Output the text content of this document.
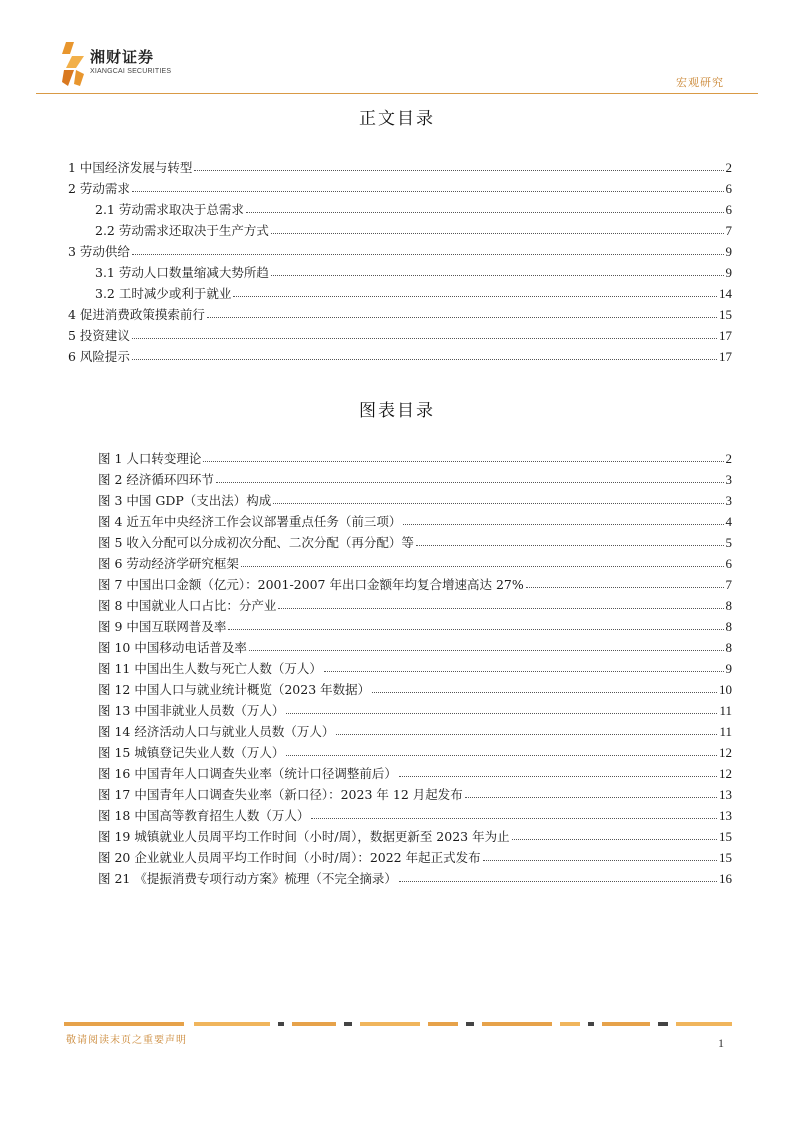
湘财证券
XIANGCAI SECURITIES
宏观研究
正文目录
1 中国经济发展与转型	2
2 劳动需求	6
2.1 劳动需求取决于总需求	6
2.2 劳动需求还取决于生产方式	7
3 劳动供给	9
3.1 劳动人口数量缩减大势所趋	9
3.2 工时减少或利于就业	14
4 促进消费政策摸索前行	15
5 投资建议	17
6 风险提示	17
图表目录
图 1 人口转变理论	2
图 2 经济循环四环节	3
图 3 中国 GDP（支出法）构成	3
图 4 近五年中央经济工作会议部署重点任务（前三项）	4
图 5 收入分配可以分成初次分配、二次分配（再分配）等	5
图 6 劳动经济学研究框架	6
图 7 中国出口金额（亿元）：2001-2007 年出口金额年均复合增速高达 27%	7
图 8 中国就业人口占比：分产业	8
图 9 中国互联网普及率	8
图 10 中国移动电话普及率	8
图 11 中国出生人数与死亡人数（万人）	9
图 12 中国人口与就业统计概览（2023 年数据）	10
图 13 中国非就业人员数（万人）	11
图 14 经济活动人口与就业人员数（万人）	11
图 15 城镇登记失业人数（万人）	12
图 16 中国青年人口调查失业率（统计口径调整前后）	12
图 17 中国青年人口调查失业率（新口径）：2023 年 12 月起发布	13
图 18 中国高等教育招生人数（万人）	13
图 19 城镇就业人员周平均工作时间（小时/周），数据更新至 2023 年为止	15
图 20 企业就业人员周平均工作时间（小时/周）：2022 年起正式发布	15
图 21 《提振消费专项行动方案》梳理（不完全摘录）	16
敬请阅读末页之重要声明	1
